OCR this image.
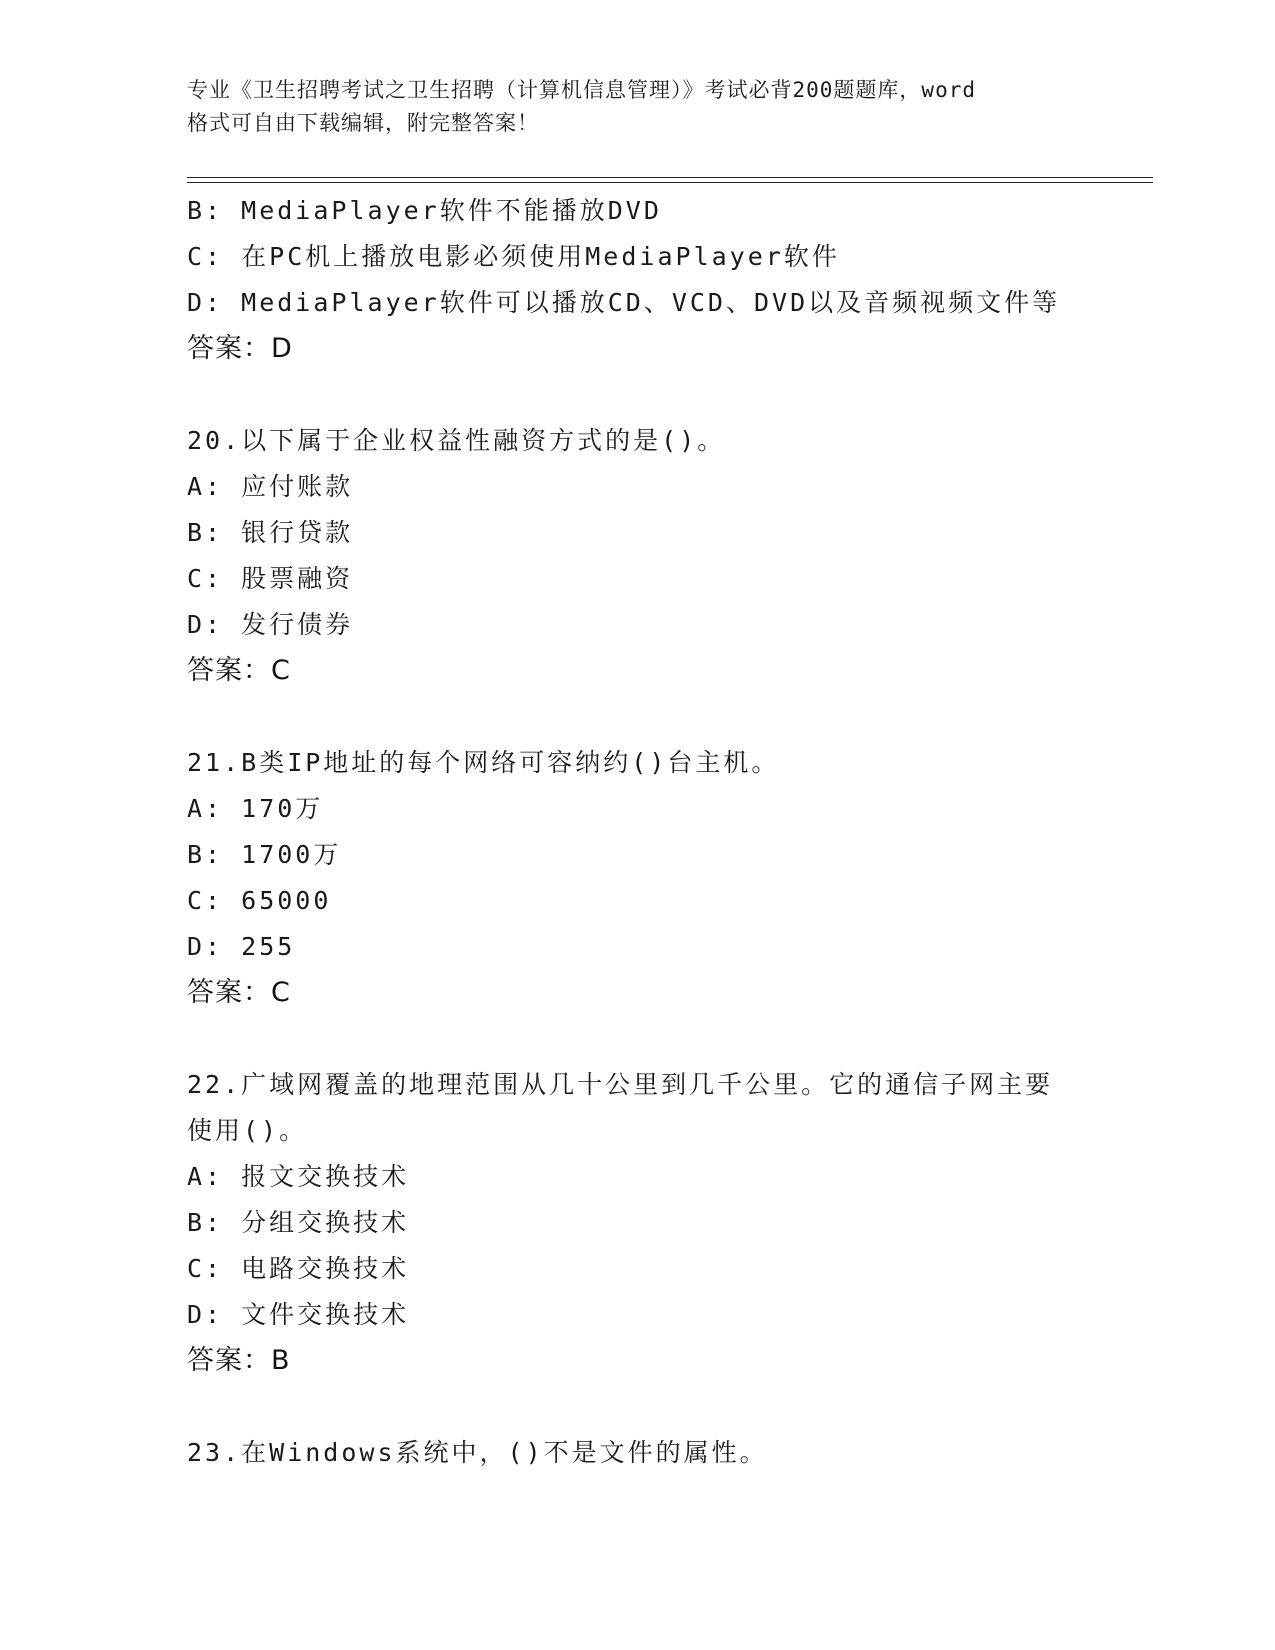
专业《卫生招聘考试之卫生招聘（计算机信息管理）》考试必背200题题库，word
格式可自由下载编辑，附完整答案！
B: MediaPlayer软件不能播放DVD
C: 在PC机上播放电影必须使用MediaPlayer软件
D: MediaPlayer软件可以播放CD、VCD、DVD以及音频视频文件等
答案：D
20.以下属于企业权益性融资方式的是()。
A: 应付账款
B: 银行贷款
C: 股票融资
D: 发行债券
答案：C
21.B类IP地址的每个网络可容纳约()台主机。
A: 170万
B: 1700万
C: 65000
D: 255
答案：C
22.广域网覆盖的地理范围从几十公里到几千公里。它的通信子网主要
使用()。
A: 报文交换技术
B: 分组交换技术
C: 电路交换技术
D: 文件交换技术
答案：B
23.在Windows系统中，()不是文件的属性。
